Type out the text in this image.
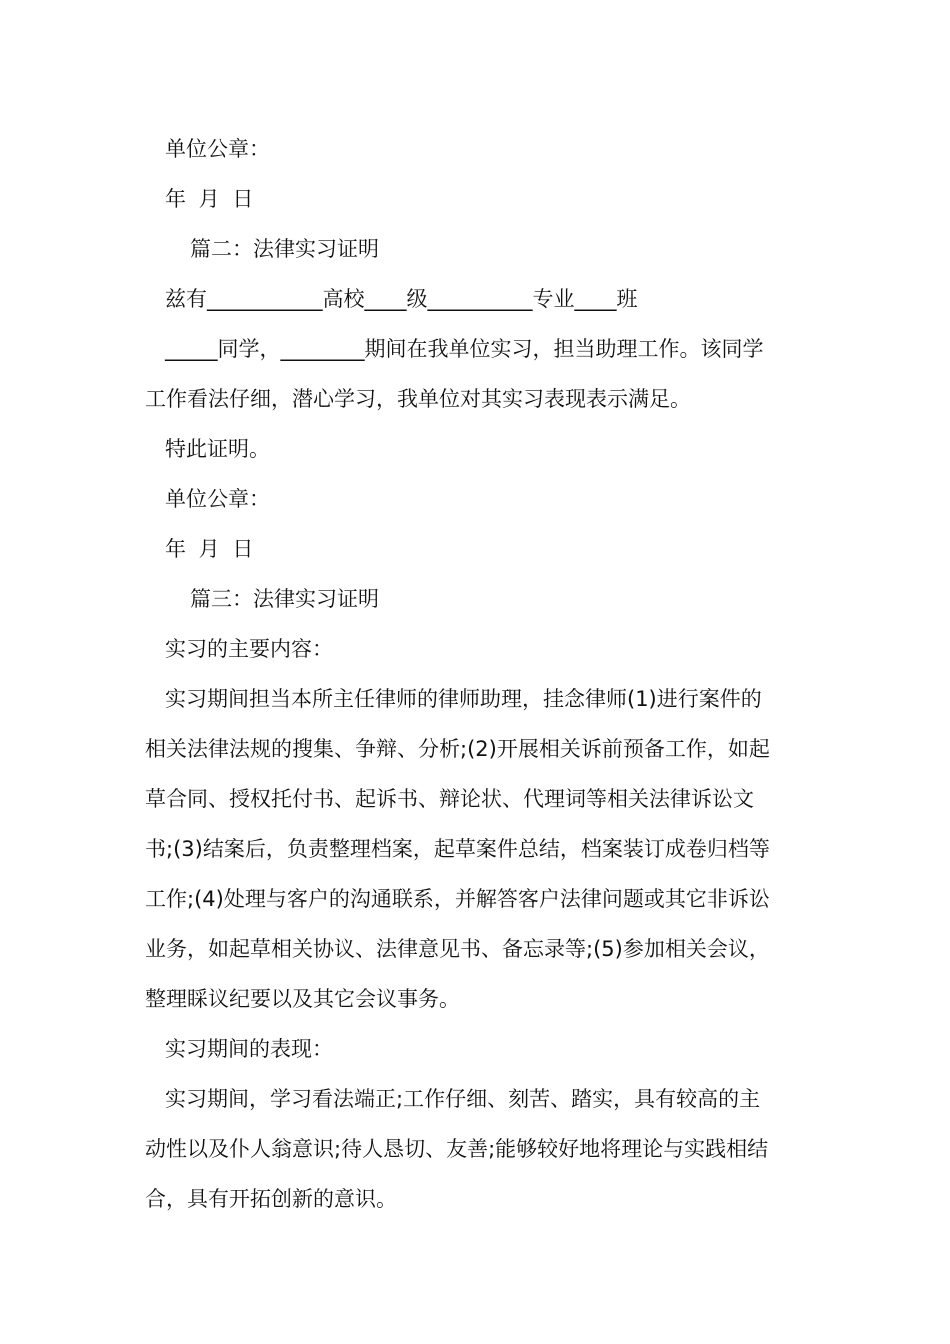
单位公章：
年 月 日
篇二：法律实习证明
兹有___________高校____级__________专业____班
_____同学，________期间在我单位实习，担当助理工作。该同学
工作看法仔细，潜心学习，我单位对其实习表现表示满足。
特此证明。
单位公章：
年 月 日
篇三：法律实习证明
实习的主要内容：
实习期间担当本所主任律师的律师助理，挂念律师(1)进行案件的
相关法律法规的搜集、争辩、分析;(2)开展相关诉前预备工作，如起
草合同、授权托付书、起诉书、辩论状、代理词等相关法律诉讼文
书;(3)结案后，负责整理档案，起草案件总结，档案装订成卷归档等
工作;(4)处理与客户的沟通联系，并解答客户法律问题或其它非诉讼
业务，如起草相关协议、法律意见书、备忘录等;(5)参加相关会议，
整理睬议纪要以及其它会议事务。
实习期间的表现：
实习期间，学习看法端正;工作仔细、刻苦、踏实，具有较高的主
动性以及仆人翁意识;待人恳切、友善;能够较好地将理论与实践相结
合，具有开拓创新的意识。
